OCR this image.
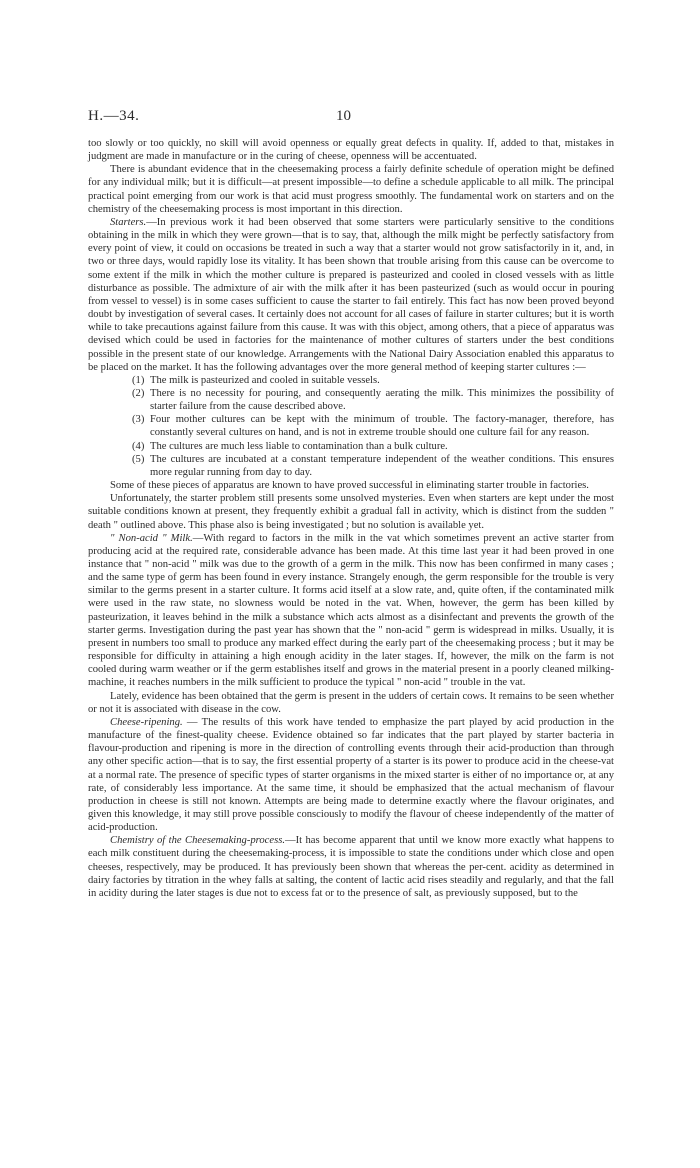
H.—34.	10

too slowly or too quickly, no skill will avoid openness or equally great defects in quality. If, added to that, mistakes in judgment are made in manufacture or in the curing of cheese, openness will be accentuated.

There is abundant evidence that in the cheesemaking process a fairly definite schedule of operation might be defined for any individual milk; but it is difficult—at present impossible—to define a schedule applicable to all milk. The principal practical point emerging from our work is that acid must progress smoothly. The fundamental work on starters and on the chemistry of the cheesemaking process is most important in this direction.

Starters.—In previous work it had been observed that some starters were particularly sensitive to the conditions obtaining in the milk in which they were grown—that is to say, that, although the milk might be perfectly satisfactory from every point of view, it could on occasions be treated in such a way that a starter would not grow satisfactorily in it, and, in two or three days, would rapidly lose its vitality. It has been shown that trouble arising from this cause can be overcome to some extent if the milk in which the mother culture is prepared is pasteurized and cooled in closed vessels with as little disturbance as possible. The admixture of air with the milk after it has been pasteurized (such as would occur in pouring from vessel to vessel) is in some cases sufficient to cause the starter to fail entirely. This fact has now been proved beyond doubt by investigation of several cases. It certainly does not account for all cases of failure in starter cultures; but it is worth while to take precautions against failure from this cause. It was with this object, among others, that a piece of apparatus was devised which could be used in factories for the maintenance of mother cultures of starters under the best conditions possible in the present state of our knowledge. Arrangements with the National Dairy Association enabled this apparatus to be placed on the market. It has the following advantages over the more general method of keeping starter cultures :—

(1) The milk is pasteurized and cooled in suitable vessels.
(2) There is no necessity for pouring, and consequently aerating the milk. This minimizes the possibility of starter failure from the cause described above.
(3) Four mother cultures can be kept with the minimum of trouble. The factory-manager, therefore, has constantly several cultures on hand, and is not in extreme trouble should one culture fail for any reason.
(4) The cultures are much less liable to contamination than a bulk culture.
(5) The cultures are incubated at a constant temperature independent of the weather conditions. This ensures more regular running from day to day.

Some of these pieces of apparatus are known to have proved successful in eliminating starter trouble in factories.

Unfortunately, the starter problem still presents some unsolved mysteries. Even when starters are kept under the most suitable conditions known at present, they frequently exhibit a gradual fall in activity, which is distinct from the sudden " death " outlined above. This phase also is being investigated ; but no solution is available yet.

" Non-acid " Milk.—With regard to factors in the milk in the vat which sometimes prevent an active starter from producing acid at the required rate, considerable advance has been made. At this time last year it had been proved in one instance that " non-acid " milk was due to the growth of a germ in the milk. This now has been confirmed in many cases ; and the same type of germ has been found in every instance. Strangely enough, the germ responsible for the trouble is very similar to the germs present in a starter culture. It forms acid itself at a slow rate, and, quite often, if the contaminated milk were used in the raw state, no slowness would be noted in the vat. When, however, the germ has been killed by pasteurization, it leaves behind in the milk a substance which acts almost as a disinfectant and prevents the growth of the starter germs. Investigation during the past year has shown that the " non-acid " germ is widespread in milks. Usually, it is present in numbers too small to produce any marked effect during the early part of the cheesemaking process ; but it may be responsible for difficulty in attaining a high enough acidity in the later stages. If, however, the milk on the farm is not cooled during warm weather or if the germ establishes itself and grows in the material present in a poorly cleaned milking-machine, it reaches numbers in the milk sufficient to produce the typical " non-acid " trouble in the vat.

Lately, evidence has been obtained that the germ is present in the udders of certain cows. It remains to be seen whether or not it is associated with disease in the cow.

Cheese-ripening. — The results of this work have tended to emphasize the part played by acid production in the manufacture of the finest-quality cheese. Evidence obtained so far indicates that the part played by starter bacteria in flavour-production and ripening is more in the direction of controlling events through their acid-production than through any other specific action—that is to say, the first essential property of a starter is its power to produce acid in the cheese-vat at a normal rate. The presence of specific types of starter organisms in the mixed starter is either of no importance or, at any rate, of considerably less importance. At the same time, it should be emphasized that the actual mechanism of flavour production in cheese is still not known. Attempts are being made to determine exactly where the flavour originates, and given this knowledge, it may still prove possible consciously to modify the flavour of cheese independently of the matter of acid-production.

Chemistry of the Cheesemaking-process.—It has become apparent that until we know more exactly what happens to each milk constituent during the cheesemaking-process, it is impossible to state the conditions under which close and open cheeses, respectively, may be produced. It has previously been shown that whereas the per-cent. acidity as determined in dairy factories by titration in the whey falls at salting, the content of lactic acid rises steadily and regularly, and that the fall in acidity during the later stages is due not to excess fat or to the presence of salt, as previously supposed, but to the
